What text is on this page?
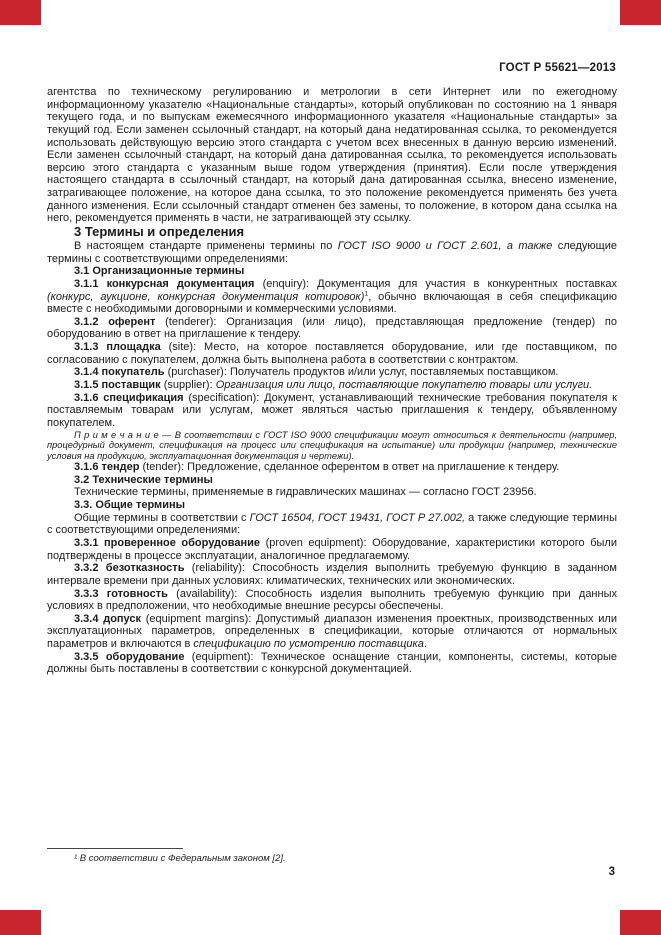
ГОСТ Р 55621—2013

агентства по техническому регулированию и метрологии в сети Интернет или по ежегодному информационному указателю «Национальные стандарты», который опубликован по состоянию на 1 января текущего года, и по выпускам ежемесячного информационного указателя «Национальные стандарты» за текущий год. Если заменен ссылочный стандарт, на который дана недатированная ссылка, то рекомендуется использовать действующую версию этого стандарта с учетом всех внесенных в данную версию изменений. Если заменен ссылочный стандарт, на который дана датированная ссылка, то рекомендуется использовать версию этого стандарта с указанным выше годом утверждения (принятия). Если после утверждения настоящего стандарта в ссылочный стандарт, на который дана датированная ссылка, внесено изменение, затрагивающее положение, на которое дана ссылка, то это положение рекомендуется применять без учета данного изменения. Если ссылочный стандарт отменен без замены, то положение, в котором дана ссылка на него, рекомендуется применять в части, не затрагивающей эту ссылку.

3 Термины и определения

В настоящем стандарте применены термины по ГОСТ ISO 9000 и ГОСТ 2.601, а также следующие термины с соответствующими определениями:

3.1 Организационные термины

3.1.1 конкурсная документация (enquiry): Документация для участия в конкурентных поставках (конкурс, аукционе, конкурсная документация котировок)$^1$, обычно включающая в себя спецификацию вместе с необходимыми договорными и коммерческими условиями.

3.1.2 оферент (tenderer): Организация (или лицо), представляющая предложение (тендер) по оборудованию в ответ на приглашение к тендеру.

3.1.3 площадка (site): Место, на которое поставляется оборудование, или где поставщиком, по согласованию с покупателем, должна быть выполнена работа в соответствии с контрактом.

3.1.4 покупатель (purchaser): Получатель продуктов и/или услуг, поставляемых поставщиком.

3.1.5 поставщик (supplier): Организация или лицо, поставляющие покупателю товары или услуги.

3.1.6 спецификация (specification): Документ, устанавливающий технические требования покупателя к поставляемым товарам или услугам, может являться частью приглашения к тендеру, объявленному покупателем.

П р и м е ч а н и е — В соответствии с ГОСТ ISO 9000 спецификации могут относиться к деятельности (например, процедурный документ, спецификация на процесс или спецификация на испытание) или продукции (например, технические условия на продукцию, эксплуатационная документация и чертежи).

3.1.6 тендер (tender): Предложение, сделанное оферентом в ответ на приглашение к тендеру.

3.2 Технические термины

Технические термины, применяемые в гидравлических машинах — согласно ГОСТ 23956.

3.3. Общие термины

Общие термины в соответствии с ГОСТ 16504, ГОСТ 19431, ГОСТ Р 27.002, а также следующие термины с соответствующими определениями:

3.3.1 проверенное оборудование (proven equipment): Оборудование, характеристики которого были подтверждены в процессе эксплуатации, аналогичное предлагаемому.

3.3.2 безотказность (reliability): Способность изделия выполнить требуемую функцию в заданном интервале времени при данных условиях: климатических, технических или экономических.

3.3.3 готовность (availability): Способность изделия выполнить требуемую функцию при данных условиях в предположении, что необходимые внешние ресурсы обеспечены.

3.3.4 допуск (equipment margins): Допустимый диапазон изменения проектных, производственных или эксплуатационных параметров, определенных в спецификации, которые отличаются от нормальных параметров и включаются в спецификацию по усмотрению поставщика.

3.3.5 оборудование (equipment): Техническое оснащение станции, компоненты, системы, которые должны быть поставлены в соответствии с конкурсной документацией.

¹ В соответствии с Федеральным законом [2].
3
